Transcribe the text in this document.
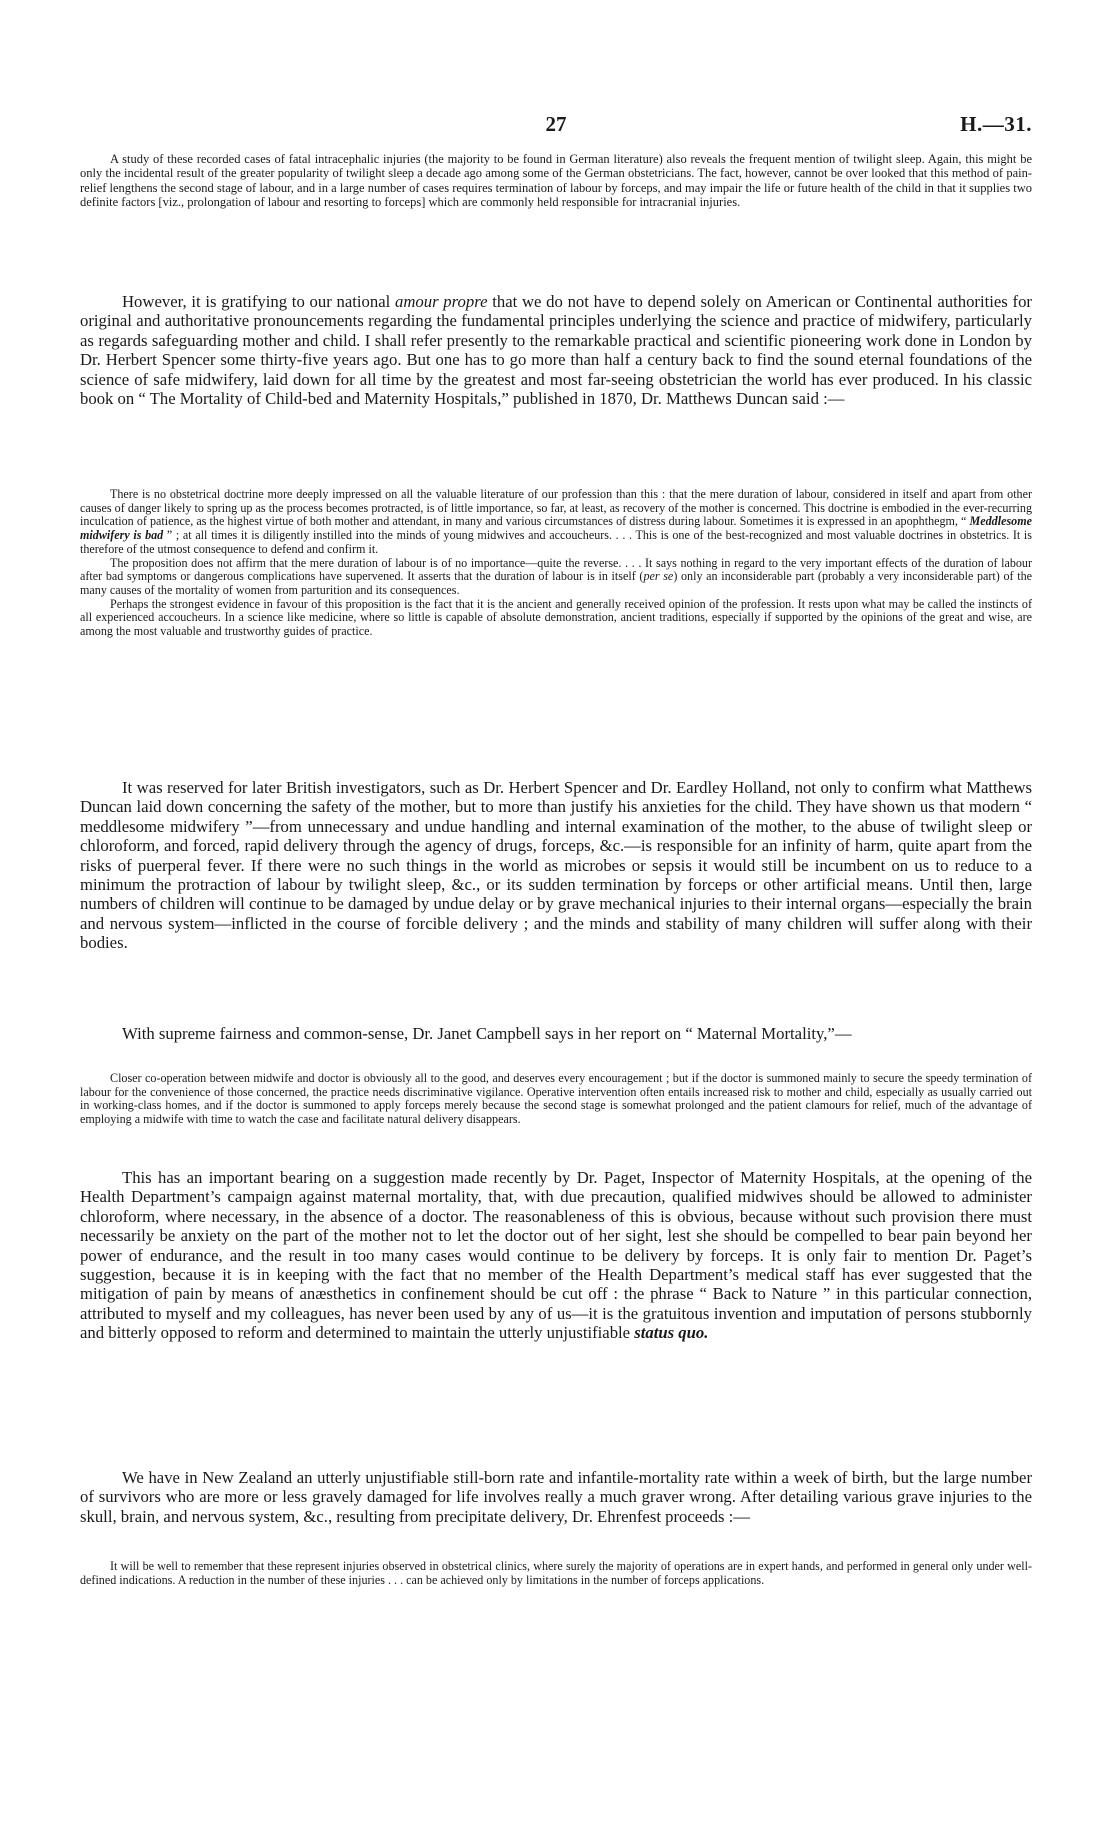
27	H.—31.

A study of these recorded cases of fatal intracephalic injuries (the majority to be found in German literature) also reveals the frequent mention of twilight sleep. Again, this might be only the incidental result of the greater popularity of twilight sleep a decade ago among some of the German obstetricians. The fact, however, cannot be over looked that this method of pain-relief lengthens the second stage of labour, and in a large number of cases requires termination of labour by forceps, and may impair the life or future health of the child in that it supplies two definite factors [viz., prolongation of labour and resorting to forceps] which are commonly held responsible for intracranial injuries.

However, it is gratifying to our national amour propre that we do not have to depend solely on American or Continental authorities for original and authoritative pronouncements regarding the fundamental principles underlying the science and practice of midwifery, particularly as regards safeguarding mother and child. I shall refer presently to the remarkable practical and scientific pioneering work done in London by Dr. Herbert Spencer some thirty-five years ago. But one has to go more than half a century back to find the sound eternal foundations of the science of safe midwifery, laid down for all time by the greatest and most far-seeing obstetrician the world has ever produced. In his classic book on “ The Mortality of Child-bed and Maternity Hospitals,” published in 1870, Dr. Matthews Duncan said :—

There is no obstetrical doctrine more deeply impressed on all the valuable literature of our profession than this : that the mere duration of labour, considered in itself and apart from other causes of danger likely to spring up as the process becomes protracted, is of little importance, so far, at least, as recovery of the mother is concerned. This doctrine is embodied in the ever-recurring inculcation of patience, as the highest virtue of both mother and attendant, in many and various circumstances of distress during labour. Sometimes it is expressed in an apophthegm, “ Meddlesome midwifery is bad ” ; at all times it is diligently instilled into the minds of young midwives and accoucheurs. . . . This is one of the best-recognized and most valuable doctrines in obstetrics. It is therefore of the utmost consequence to defend and confirm it.

The proposition does not affirm that the mere duration of labour is of no importance—quite the reverse. . . . It says nothing in regard to the very important effects of the duration of labour after bad symptoms or dangerous complications have supervened. It asserts that the duration of labour is in itself (per se) only an inconsiderable part (probably a very inconsiderable part) of the many causes of the mortality of women from parturition and its consequences.

Perhaps the strongest evidence in favour of this proposition is the fact that it is the ancient and generally received opinion of the profession. It rests upon what may be called the instincts of all experienced accoucheurs. In a science like medicine, where so little is capable of absolute demonstration, ancient traditions, especially if supported by the opinions of the great and wise, are among the most valuable and trustworthy guides of practice.

It was reserved for later British investigators, such as Dr. Herbert Spencer and Dr. Eardley Holland, not only to confirm what Matthews Duncan laid down concerning the safety of the mother, but to more than justify his anxieties for the child. They have shown us that modern “ meddlesome midwifery ”—from unnecessary and undue handling and internal examination of the mother, to the abuse of twilight sleep or chloroform, and forced, rapid delivery through the agency of drugs, forceps, &c.—is responsible for an infinity of harm, quite apart from the risks of puerperal fever. If there were no such things in the world as microbes or sepsis it would still be incumbent on us to reduce to a minimum the protraction of labour by twilight sleep, &c., or its sudden termination by forceps or other artificial means. Until then, large numbers of children will continue to be damaged by undue delay or by grave mechanical injuries to their internal organs—especially the brain and nervous system—inflicted in the course of forcible delivery ; and the minds and stability of many children will suffer along with their bodies.

With supreme fairness and common-sense, Dr. Janet Campbell says in her report on “ Maternal Mortality,”—

Closer co-operation between midwife and doctor is obviously all to the good, and deserves every encouragement ; but if the doctor is summoned mainly to secure the speedy termination of labour for the convenience of those concerned, the practice needs discriminative vigilance. Operative intervention often entails increased risk to mother and child, especially as usually carried out in working-class homes, and if the doctor is summoned to apply forceps merely because the second stage is somewhat prolonged and the patient clamours for relief, much of the advantage of employing a midwife with time to watch the case and facilitate natural delivery disappears.

This has an important bearing on a suggestion made recently by Dr. Paget, Inspector of Maternity Hospitals, at the opening of the Health Department’s campaign against maternal mortality, that, with due precaution, qualified midwives should be allowed to administer chloroform, where necessary, in the absence of a doctor. The reasonableness of this is obvious, because without such provision there must necessarily be anxiety on the part of the mother not to let the doctor out of her sight, lest she should be compelled to bear pain beyond her power of endurance, and the result in too many cases would continue to be delivery by forceps. It is only fair to mention Dr. Paget’s suggestion, because it is in keeping with the fact that no member of the Health Department’s medical staff has ever suggested that the mitigation of pain by means of anæsthetics in confinement should be cut off : the phrase “ Back to Nature ” in this particular connection, attributed to myself and my colleagues, has never been used by any of us—it is the gratuitous invention and imputation of persons stubbornly and bitterly opposed to reform and determined to maintain the utterly unjustifiable status quo.

We have in New Zealand an utterly unjustifiable still-born rate and infantile-mortality rate within a week of birth, but the large number of survivors who are more or less gravely damaged for life involves really a much graver wrong. After detailing various grave injuries to the skull, brain, and nervous system, &c., resulting from precipitate delivery, Dr. Ehrenfest proceeds :—

It will be well to remember that these represent injuries observed in obstetrical clinics, where surely the majority of operations are in expert hands, and performed in general only under well-defined indications. A reduction in the number of these injuries . . . can be achieved only by limitations in the number of forceps applications.
